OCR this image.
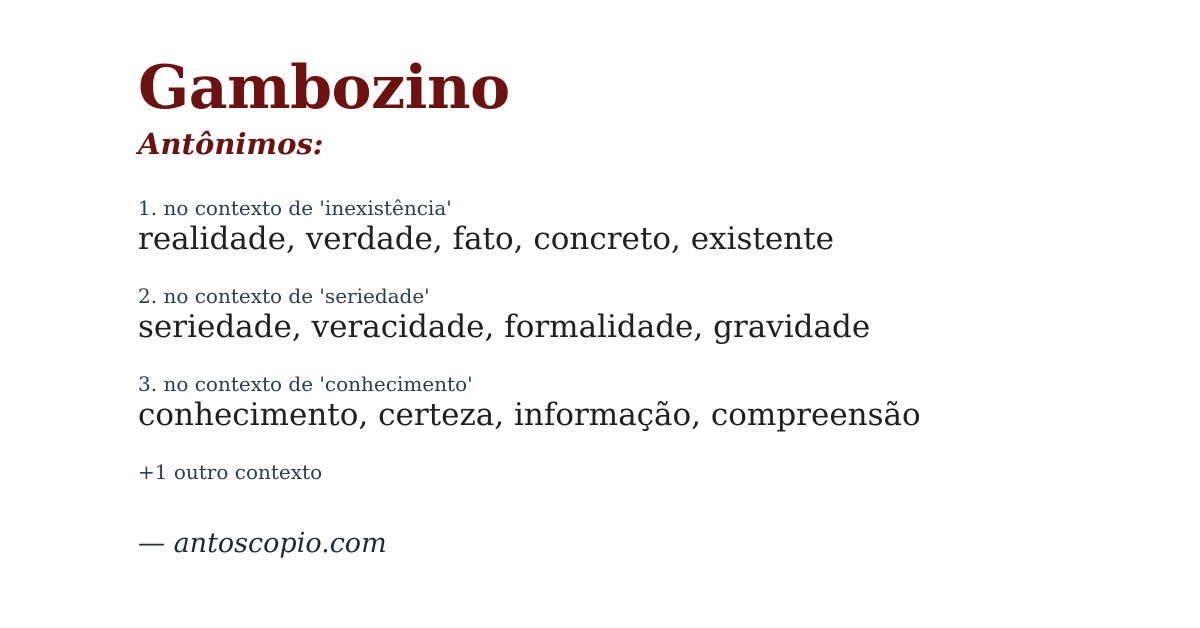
Gambozino
Antônimos:

1. no contexto de 'inexistência'

realidade, verdade, fato, concreto, existente

2. no contexto de 'seriedade'

seriedade, veracidade, formalidade, gravidade

3. no contexto de 'conhecimento'

conhecimento, certeza, informação, compreensão

+1 outro contexto

— antoscopio.com
